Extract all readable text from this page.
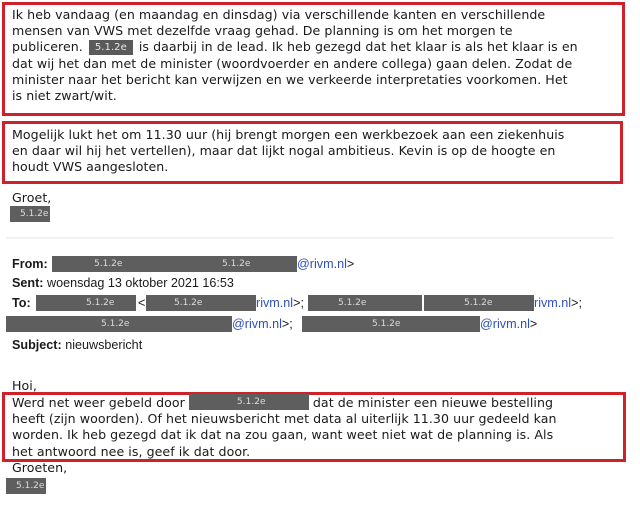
Ik heb vandaag (en maandag en dinsdag) via verschillende kanten en verschillende
mensen van VWS met dezelfde vraag gehad. De planning is om het morgen te
publiceren. 5.1.2e is daarbij in de lead. Ik heb gezegd dat het klaar is als het klaar is en
dat wij het dan met de minister (woordvoerder en andere collega) gaan delen. Zodat de
minister naar het bericht kan verwijzen en we verkeerde interpretaties voorkomen. Het
is niet zwart/wit.
Mogelijk lukt het om 11.30 uur (hij brengt morgen een werkbezoek aan een ziekenhuis
en daar wil hij het vertellen), maar dat lijkt nogal ambitieus. Kevin is op de hoogte en
houdt VWS aangesloten.
Groet,
5.1.2e
From:	5.1.2e	5.1.2e	@rivm.nl>
Sent: woensdag 13 oktober 2021 16:53
To:	5.1.2e <	5.1.2e	rivm.nl>;	5.1.2e	5.1.2e	rivm.nl>;
5.1.2e	@rivm.nl>;	5.1.2e	@rivm.nl>
Subject: nieuwsbericht
Hoi,
Werd net weer gebeld door	5.1.2e	dat de minister een nieuwe bestelling
heeft (zijn woorden). Of het nieuwsbericht met data al uiterlijk 11.30 uur gedeeld kan
worden. Ik heb gezegd dat ik dat na zou gaan, want weet niet wat de planning is. Als
het antwoord nee is, geef ik dat door.
Groeten,
5.1.2e
